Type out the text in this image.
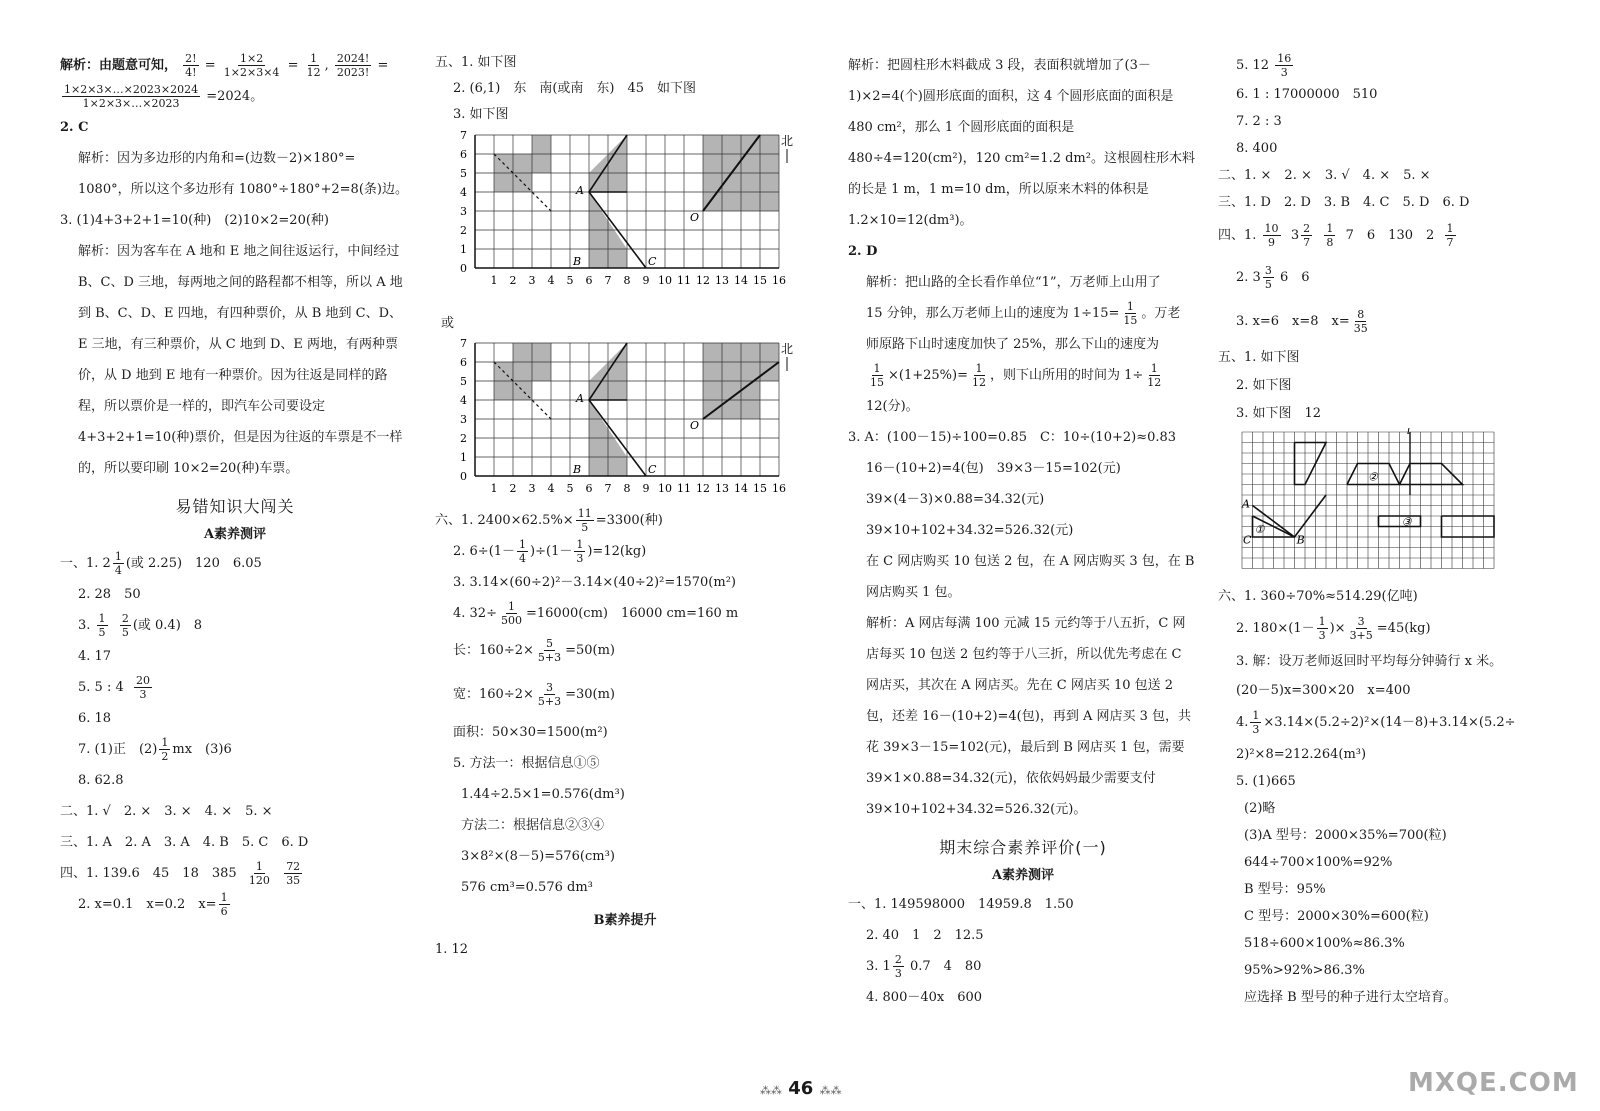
解析：由题意可知， $\frac{2!}{4!} = \frac{1\times 2}{1\times 2\times 3\times 4} = \frac{1}{12}$ , $\frac{2024!}{2023!}$ =
$\frac{1\times 2\times 3\times\dots\times 2023\times 2024}{1\times 2\times 3\times\dots\times 2023} =2024$。
2. C
解析：因为多边形的内角和=(边数－2)×180°=
1080°，所以这个多边形有 1080°÷180°+2=8(条)边。
3. (1)4+3+2+1=10(种)　(2)10×2=20(种)
解析：因为客车在 A 地和 E 地之间往返运行，中间经过 B、C、D 三地，每两地之间的路程都不相等，所以 A 地到 B、C、D、E 四地，有四种票价，从 B 地到 C、D、E 三地，有三种票价，从 C 地到 D、E 两地，有两种票价，从 D 地到 E 地有一种票价。因为往返是同样的路程，所以票价是一样的，即汽车公司要设定 4+3+2+1=10(种)票价，但是因为往返的车票是不一样的，所以要印刷 10×2=20(种)车票。
易错知识大闯关
A素养测评
一、1. $2 \frac{1}{4}$ (或 2.25)　120　6.05
2. 28　50
3. $\frac{1}{5}$
$\frac{2}{5}$ (或 0.4)　8
4. 17
5. 5 : $4 \frac{20}{3}$
6. 18
7. (1)正　$(2) \frac{1}{2}$ mx　(3)6
8. 62.8
二、1. √　2. ×　3. ×　4. ×　5. ×
三、1. A　2. A　3. A　4. B　5. C　6. D
四、1. 139.6　45　18　$385 \frac{1}{120}$
$\frac{72}{35}$
2. x=0.1　x=0.2　$x= \frac{1}{6}$
五、1. 如下图
2. (6,1)　东　南(或南　东)　45　如下图
3. 如下图
1 2 3 4 5 6 7 8 9 10 11 12 13 14 15 16
0
1
2
3
4
5
6
7
A
B	C
O
北
或
1 2 3 4 5 6 7 8 9 10 11 12 13 14 15 16
0
1
2
3
4
5
6
7
A
B	C
O
北
六、1. $2400\times 62.5\%\times \frac{11}{5} =3300$(种)
2. $6\div(1- \frac{1}{4} )\div(1- \frac{1}{3} )=12(kg)$
3. 3.14×(60÷2)²－3.14×(40÷2)²=1570(m²)
4. $32\div \frac{1}{500} =16000(cm)$　16000 cm=160 m
长：$160\div 2\times \frac{5}{5+3} =50(m)$
宽：$160\div 2\times \frac{3}{5+3} =30(m)$
面积：50×30=1500(m²)
5. 方法一：根据信息①⑤
1.44÷2.5×1=0.576(dm³)
方法二：根据信息②③④
3×8²×(8－5)=576(cm³)
576 cm³=0.576 dm³
B素养提升
1. 12
解析：把圆柱形木料截成 3 段，表面积就增加了(3－1)×2=4(个)圆形底面的面积，这 4 个圆形底面的面积是 480 cm²，那么 1 个圆形底面的面积是 480÷4=120(cm²)，120 cm²=1.2 dm²。这根圆柱形木料的长是 1 m，1 m=10 dm，所以原来木料的体积是 1.2×10=12(dm³)。
2. D
解析：把山路的全长看作单位“1”，万老师上山用了
15 分钟，那么万老师上山的速度为 $1\div 15= \frac{1}{15}$ 。万老
师原路下山时速度加快了 25%，那么下山的速度为
$\frac{1}{15} \times(1+25\%)= \frac{1}{12}$ ，则下山所用的时间为 $1\div \frac{1}{12}$
12(分)。
3. A：(100－15)÷100=0.85　C：10÷(10+2)≈0.83
16－(10+2)=4(包)　39×3－15=102(元)
39×(4－3)×0.88=34.32(元)
39×10+102+34.32=526.32(元)
在 C 网店购买 10 包送 2 包，在 A 网店购买 3 包，在 B 网店购买 1 包。
解析：A 网店每满 100 元减 15 元约等于八五折，C 网店每买 10 包送 2 包约等于八三折，所以优先考虑在 C 网店买，其次在 A 网店买。先在 C 网店买 10 包送 2 包，还差 16－(10+2)=4(包)，再到 A 网店买 3 包，共花 39×3－15=102(元)，最后到 B 网店买 1 包，需要 39×1×0.88=34.32(元)，依依妈妈最少需要支付 39×10+102+34.32=526.32(元)。
期末综合素养评价(一)
A素养测评
一、1. 149598000　14959.8　1.50
2. 40　1　2　12.5
3. $1 \frac{2}{3} 0.7$　4　80
4. 800－40x　600
5. $12 \frac{16}{3}$
6. 1 : 17000000　510
7. 2 : 3
8. 400
二、1. ×　2. ×　3. √　4. ×　5. ×
三、1. D　2. D　3. B　4. C　5. D　6. D
四、1. $\frac{10}{9} 3 \frac{2}{7}$
$\frac{1}{8} 7$　6　130　$2 \frac{1}{7}$
2. $3 \frac{3}{5} 6$　6
3. x=6　x=8　$x= \frac{8}{35}$
五、1. 如下图
2. 如下图
3. 如下图　12
A
B
C
①
②
③
l
六、1. 360÷70%≈514.29(亿吨)
2. $180\times(1- \frac{1}{3}$ )× $\frac{3}{3+5} =45(kg)$
3. 解：设万老师返回时平均每分钟骑行 x 米。
(20－5)x=300×20　x=400
4. $\frac{1}{3} \times 3.14\times(5.2\div 2)^2\times(14-8)+3.14\times(5.2\div$
2)²×8=212.264(m³)
5. (1)665
(2)略
(3)A 型号：2000×35%=700(粒)
644÷700×100%=92%
B 型号：95%
C 型号：2000×30%=600(粒)
518÷600×100%≈86.3%
95%>92%>86.3%
应选择 B 型号的种子进行太空培育。
⁂⁂ 46 ⁂⁂	MXQE.COM
